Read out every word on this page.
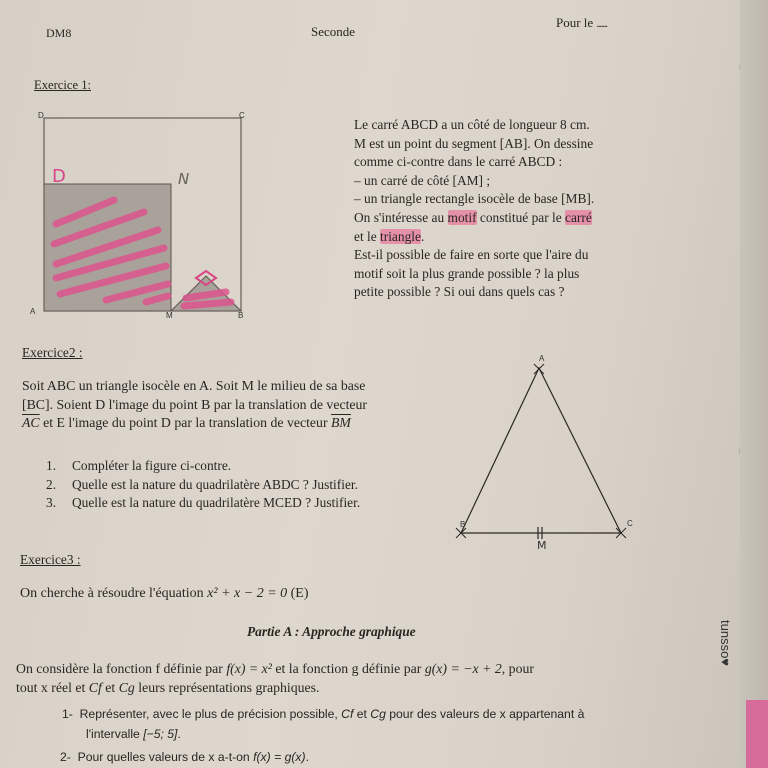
DM8	Seconde
Pour le .......
Exercice 1:
D	N
D	C
A	B
M
Le carré ABCD a un côté de longueur 8 cm.
M est un point du segment [AB]. On dessine
comme ci-contre dans le carré ABCD :
– un carré de côté [AM] ;
– un triangle rectangle isocèle de base [MB].
On s'intéresse au motif constitué par le carré
et le triangle.
Est-il possible de faire en sorte que l'aire du
motif soit la plus grande possible ? la plus
petite possible ? Si oui dans quels cas ?
Exercice2 :
Soit ABC un triangle isocèle en A. Soit M le milieu de sa base
[BC]. Soient D l'image du point B par la translation de vecteur
$\overline{AC}$ et E l'image du point D par la translation de vecteur $\overline{BM}$
1. Compléter la figure ci-contre.
2. Quelle est la nature du quadrilatère ABDC ? Justifier.
3. Quelle est la nature du quadrilatère MCED ? Justifier.
A
B	C
M
Exercice3 :
On cherche à résoudre l'équation x² + x − 2 = 0 (E)
Partie A : Approche graphique
On considère la fonction f définie par f(x) = x² et la fonction g définie par g(x) = −x + 2, pour
tout x réel et Cf et Cg leurs représentations graphiques.
1- Représenter, avec le plus de précision possible, Cf et Cg pour des valeurs de x appartenant à
l'intervalle [−5; 5].
2- Pour quelles valeurs de x a-t-on f(x) = g(x).
tunsso♥
